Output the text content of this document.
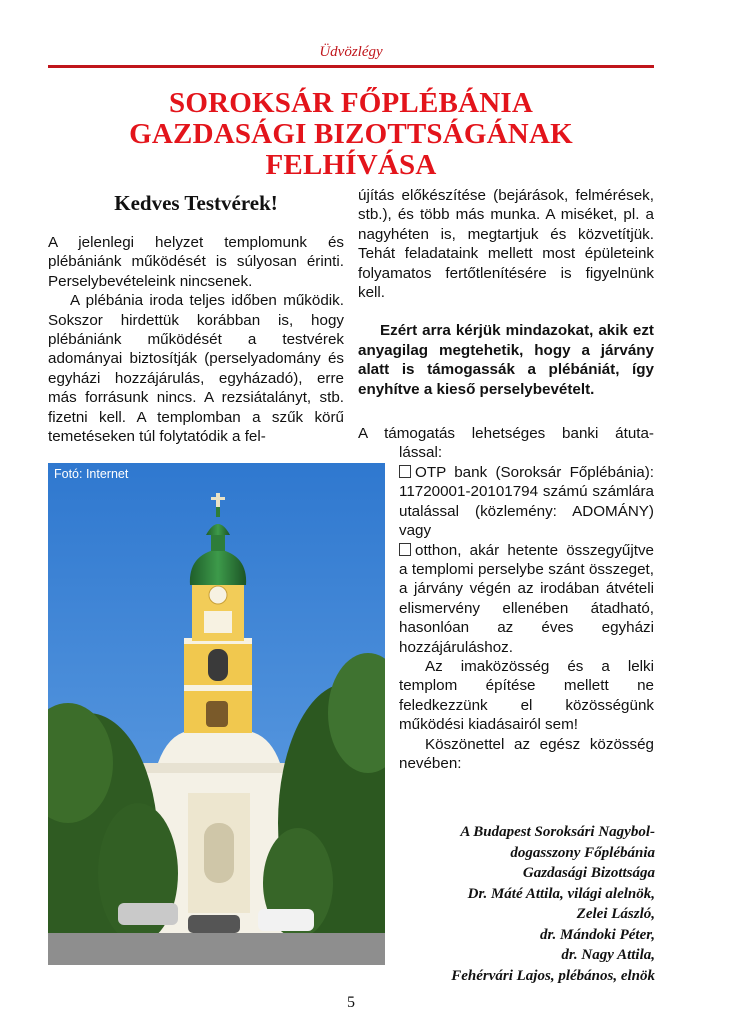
Üdvözlégy
SOROKSÁR FŐPLÉBÁNIA
GAZDASÁGI BIZOTTSÁGÁNAK
FELHÍVÁSA
Kedves Testvérek!

A jelenlegi helyzet templomunk és plébániánk működését is súlyosan érinti. Perselybevételeink nincsenek.

A plébánia iroda teljes időben működik. Sokszor hirdettük korábban is, hogy plébániánk működését a testvérek adományai biztosítják (perselyadomány és egyházi hozzájárulás, egyházadó), erre más forrásunk nincs. A rezsiátalányt, stb. fizetni kell. A templomban a szűk körű temetéseken túl folytatódik a fel-

újítás előkészítése (bejárások, felmérések, stb.), és több más munka. A miséket, pl. a nagyhéten is, megtartjuk és közvetítjük. Tehát feladataink mellett most épületeink folyamatos fertőtlenítésére is figyelnünk kell.

Ezért arra kérjük mindazokat, akik ezt anyagilag megtehetik, hogy a járvány alatt is támogassák a plébániát, így enyhítve a kieső perselybevételt.

A támogatás lehetséges banki átuta-
lással:

OTP bank (Soroksár Főplébánia): 11720001-20101794 számú számlára utalással (közlemény: ADOMÁNY) vagy

otthon, akár hetente összegyűjtve a templomi perselybe szánt összeget, a járvány végén az irodában átvételi elismervény ellenében átadható, hasonlóan az éves egyházi hozzájáruláshoz.

Az imaközösség és a lelki templom építése mellett ne feledkezzünk el közösségünk működési kiadásairól sem!

Köszönettel az egész közösség nevében:

A Budapest Soroksári Nagybol-
dogasszony Főplébánia
Gazdasági Bizottsága
Dr. Máté Attila, világi alelnök,
Zelei László,
dr. Mándoki Péter,
dr. Nagy Attila,
Fehérvári Lajos, plébános, elnök
Fotó: Internet
5
